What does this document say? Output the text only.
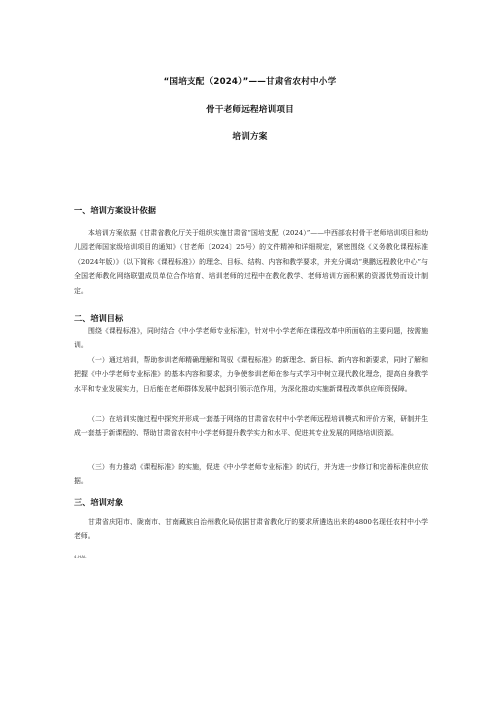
“国培支配（2024）”——甘肃省农村中小学
骨干老师远程培训项目
培训方案
一、培训方案设计依据

本培训方案依据《甘肃省教化厅关于组织实施甘肃省“国培支配（2024）”——中西部农村骨干老师培训项目和幼儿园老师国家级培训项目的通知》（甘老师〔2024〕25号）的文件精神和详细规定，紧密围绕《义务教化课程标准（2024年版）》（以下简称《课程标准》）的理念、目标、结构、内容和教学要求，并充分调动“奥鹏远程教化中心”与全国老师教化网络联盟成员单位合作培育、培训老师的过程中在教化教学、老师培训方面积累的资源优势而设计制定。

二、培训目标

围绕《课程标准》，同时结合《中小学老师专业标准》，针对中小学老师在课程改革中所面临的主要问题，按需施训。

（一）通过培训，帮助参训老师精确理解和驾驭《课程标准》的新理念、新目标、新内容和新要求，同时了解和把握《中小学老师专业标准》的基本内容和要求，力争使参训老师在参与式学习中树立现代教化理念，提高自身教学水平和专业发展实力，日后能在老师群体发展中起到引领示范作用，为深化推动实施新课程改革供应师资保障。

（二）在培训实施过程中探究并形成一套基于网络的甘肃省农村中小学老师远程培训模式和评价方案，研制并生成一套基于新课程的、帮助甘肃省农村中小学老师提升教学实力和水平、促进其专业发展的网络培训资源。

（三）有力推动《课程标准》的实施，促进《中小学老师专业标准》的试行，并为进一步修订和完善标准供应依据。

三、培训对象

甘肃省庆阳市、陇南市、甘南藏族自治州教化局依据甘肃省教化厅的要求所遴选出来的4800名现任农村中小学老师。

4.HAL
